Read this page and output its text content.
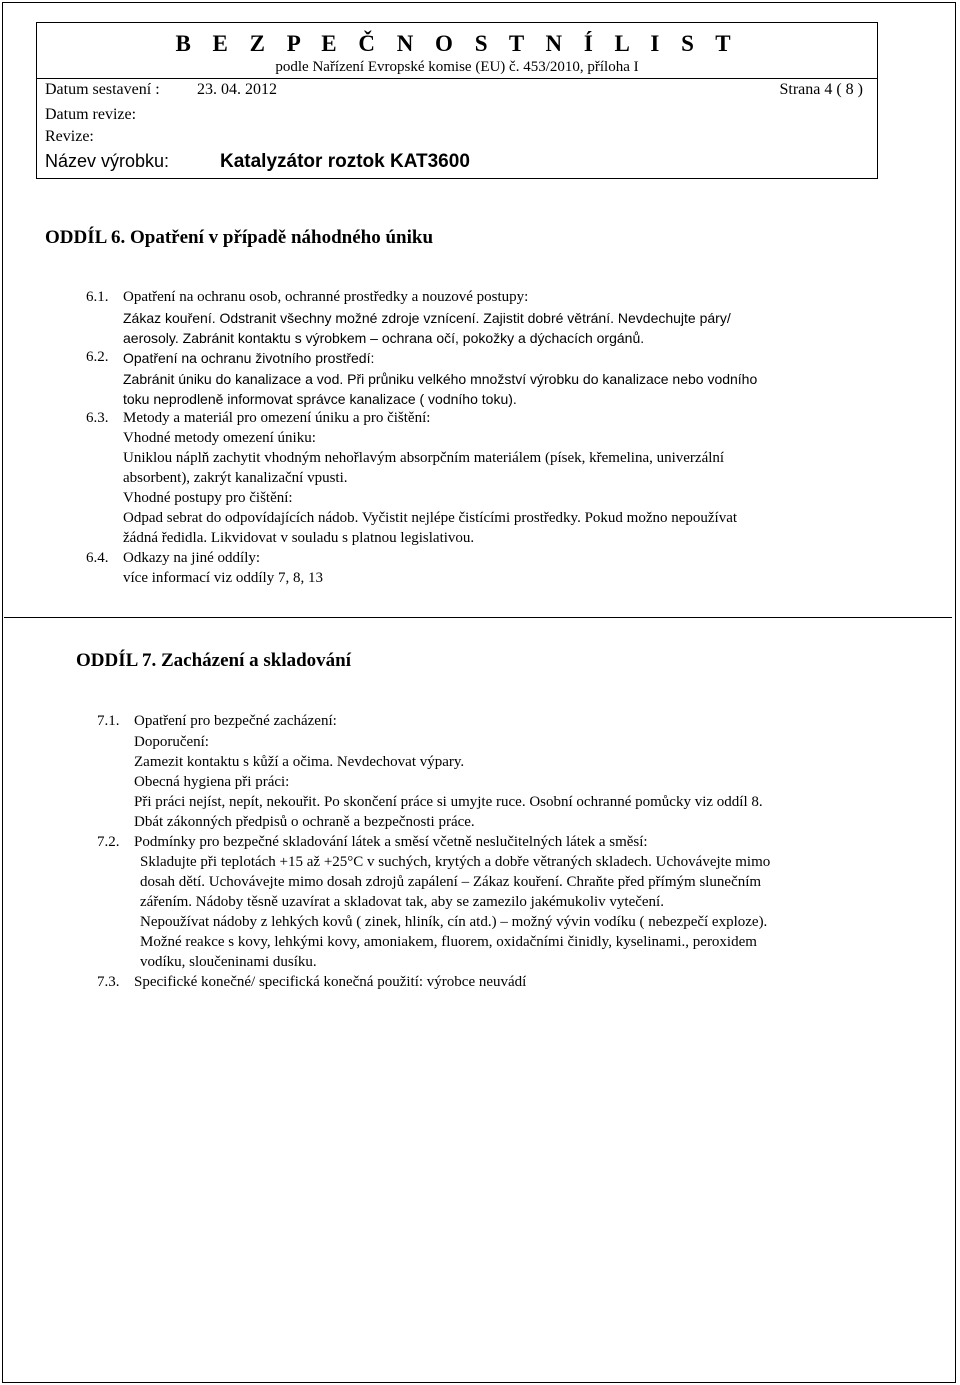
B E Z P E Č N O S T N Í L I S T
podle Nařízení Evropské komise (EU) č. 453/2010, příloha I
Datum sestavení : 23. 04. 2012	Strana 4 ( 8 )
Datum revize:
Revize:
Název výrobku:	Katalyzátor roztok KAT3600
ODDÍL 6. Opatření v případě náhodného úniku
6.1. Opatření na ochranu osob, ochranné prostředky a nouzové postupy:
Zákaz kouření. Odstranit všechny možné zdroje vznícení. Zajistit dobré větrání. Nevdechujte páry/
aerosoly. Zabránit kontaktu s výrobkem – ochrana očí, pokožky a dýchacích orgánů.
6.2. Opatření na ochranu životního prostředí:
Zabránit úniku do kanalizace a vod. Při průniku velkého množství výrobku do kanalizace nebo vodního
toku neprodleně informovat správce kanalizace ( vodního toku).
6.3. Metody a materiál pro omezení úniku a pro čištění:
Vhodné metody omezení úniku:
Uniklou náplň zachytit vhodným nehořlavým absorpčním materiálem (písek, křemelina, univerzální
absorbent), zakrýt kanalizační vpusti.
Vhodné postupy pro čištění:
Odpad sebrat do odpovídajících nádob. Vyčistit nejlépe čistícími prostředky. Pokud možno nepoužívat
žádná ředidla. Likvidovat v souladu s platnou legislativou.
6.4. Odkazy na jiné oddíly:
více informací viz oddíly 7, 8, 13
ODDÍL 7. Zacházení a skladování
7.1. Opatření pro bezpečné zacházení:
Doporučení:
Zamezit kontaktu s kůží a očima. Nevdechovat výpary.
Obecná hygiena při práci:
Při práci nejíst, nepít, nekouřit. Po skončení práce si umyjte ruce. Osobní ochranné pomůcky viz oddíl 8.
Dbát zákonných předpisů o ochraně a bezpečnosti práce.
7.2. Podmínky pro bezpečné skladování látek a směsí včetně neslučitelných látek a směsí:
Skladujte při teplotách +15 až +25°C v suchých, krytých a dobře větraných skladech. Uchovávejte mimo
dosah dětí. Uchovávejte mimo dosah zdrojů zapálení – Zákaz kouření. Chraňte před přímým slunečním
zářením. Nádoby těsně uzavírat a skladovat tak, aby se zamezilo jakémukoliv vytečení.
Nepoužívat nádoby z lehkých kovů ( zinek, hliník, cín atd.) – možný vývin vodíku ( nebezpečí exploze).
Možné reakce s kovy, lehkými kovy, amoniakem, fluorem, oxidačními činidly, kyselinami., peroxidem
vodíku, sloučeninami dusíku.
7.3. Specifické konečné/ specifická konečná použití: výrobce neuvádí
